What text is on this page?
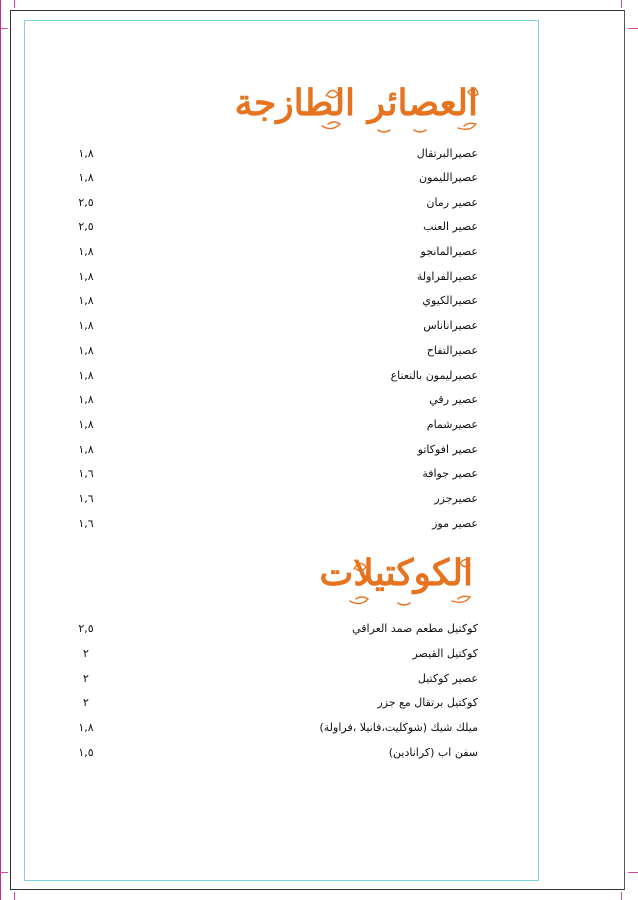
العصائر الطازجة
عصيرالبرتقال
١,٨
عصيرالليمون
١,٨
عصير رمان
٢,٥
عصير العنب
٢,٥
عصيرالمانجو
١,٨
عصيرالفراولة
١,٨
عصيرالكيوي
١,٨
عصيراناناس
١,٨
عصيرالتفاح
١,٨
عصيرليمون بالنعناع
١,٨
عصير رقي
١,٨
عصيرشمام
١,٨
عصير افوكاتو
١,٨
عصير جوافة
١,٦
عصيرجزر
١,٦
عصير موز
١,٦
الكوكتيلات
كوكتيل مطعم صمد العراقي
٢,٥
كوكتيل القيصر
٢
عصير كوكتيل
٢
كوكتيل برتقال مع جزر
٢
ميلك شيك (شوكليت،فانيلا ،فراولة)
١,٨
سفن اب (كرانادين)
١,٥
